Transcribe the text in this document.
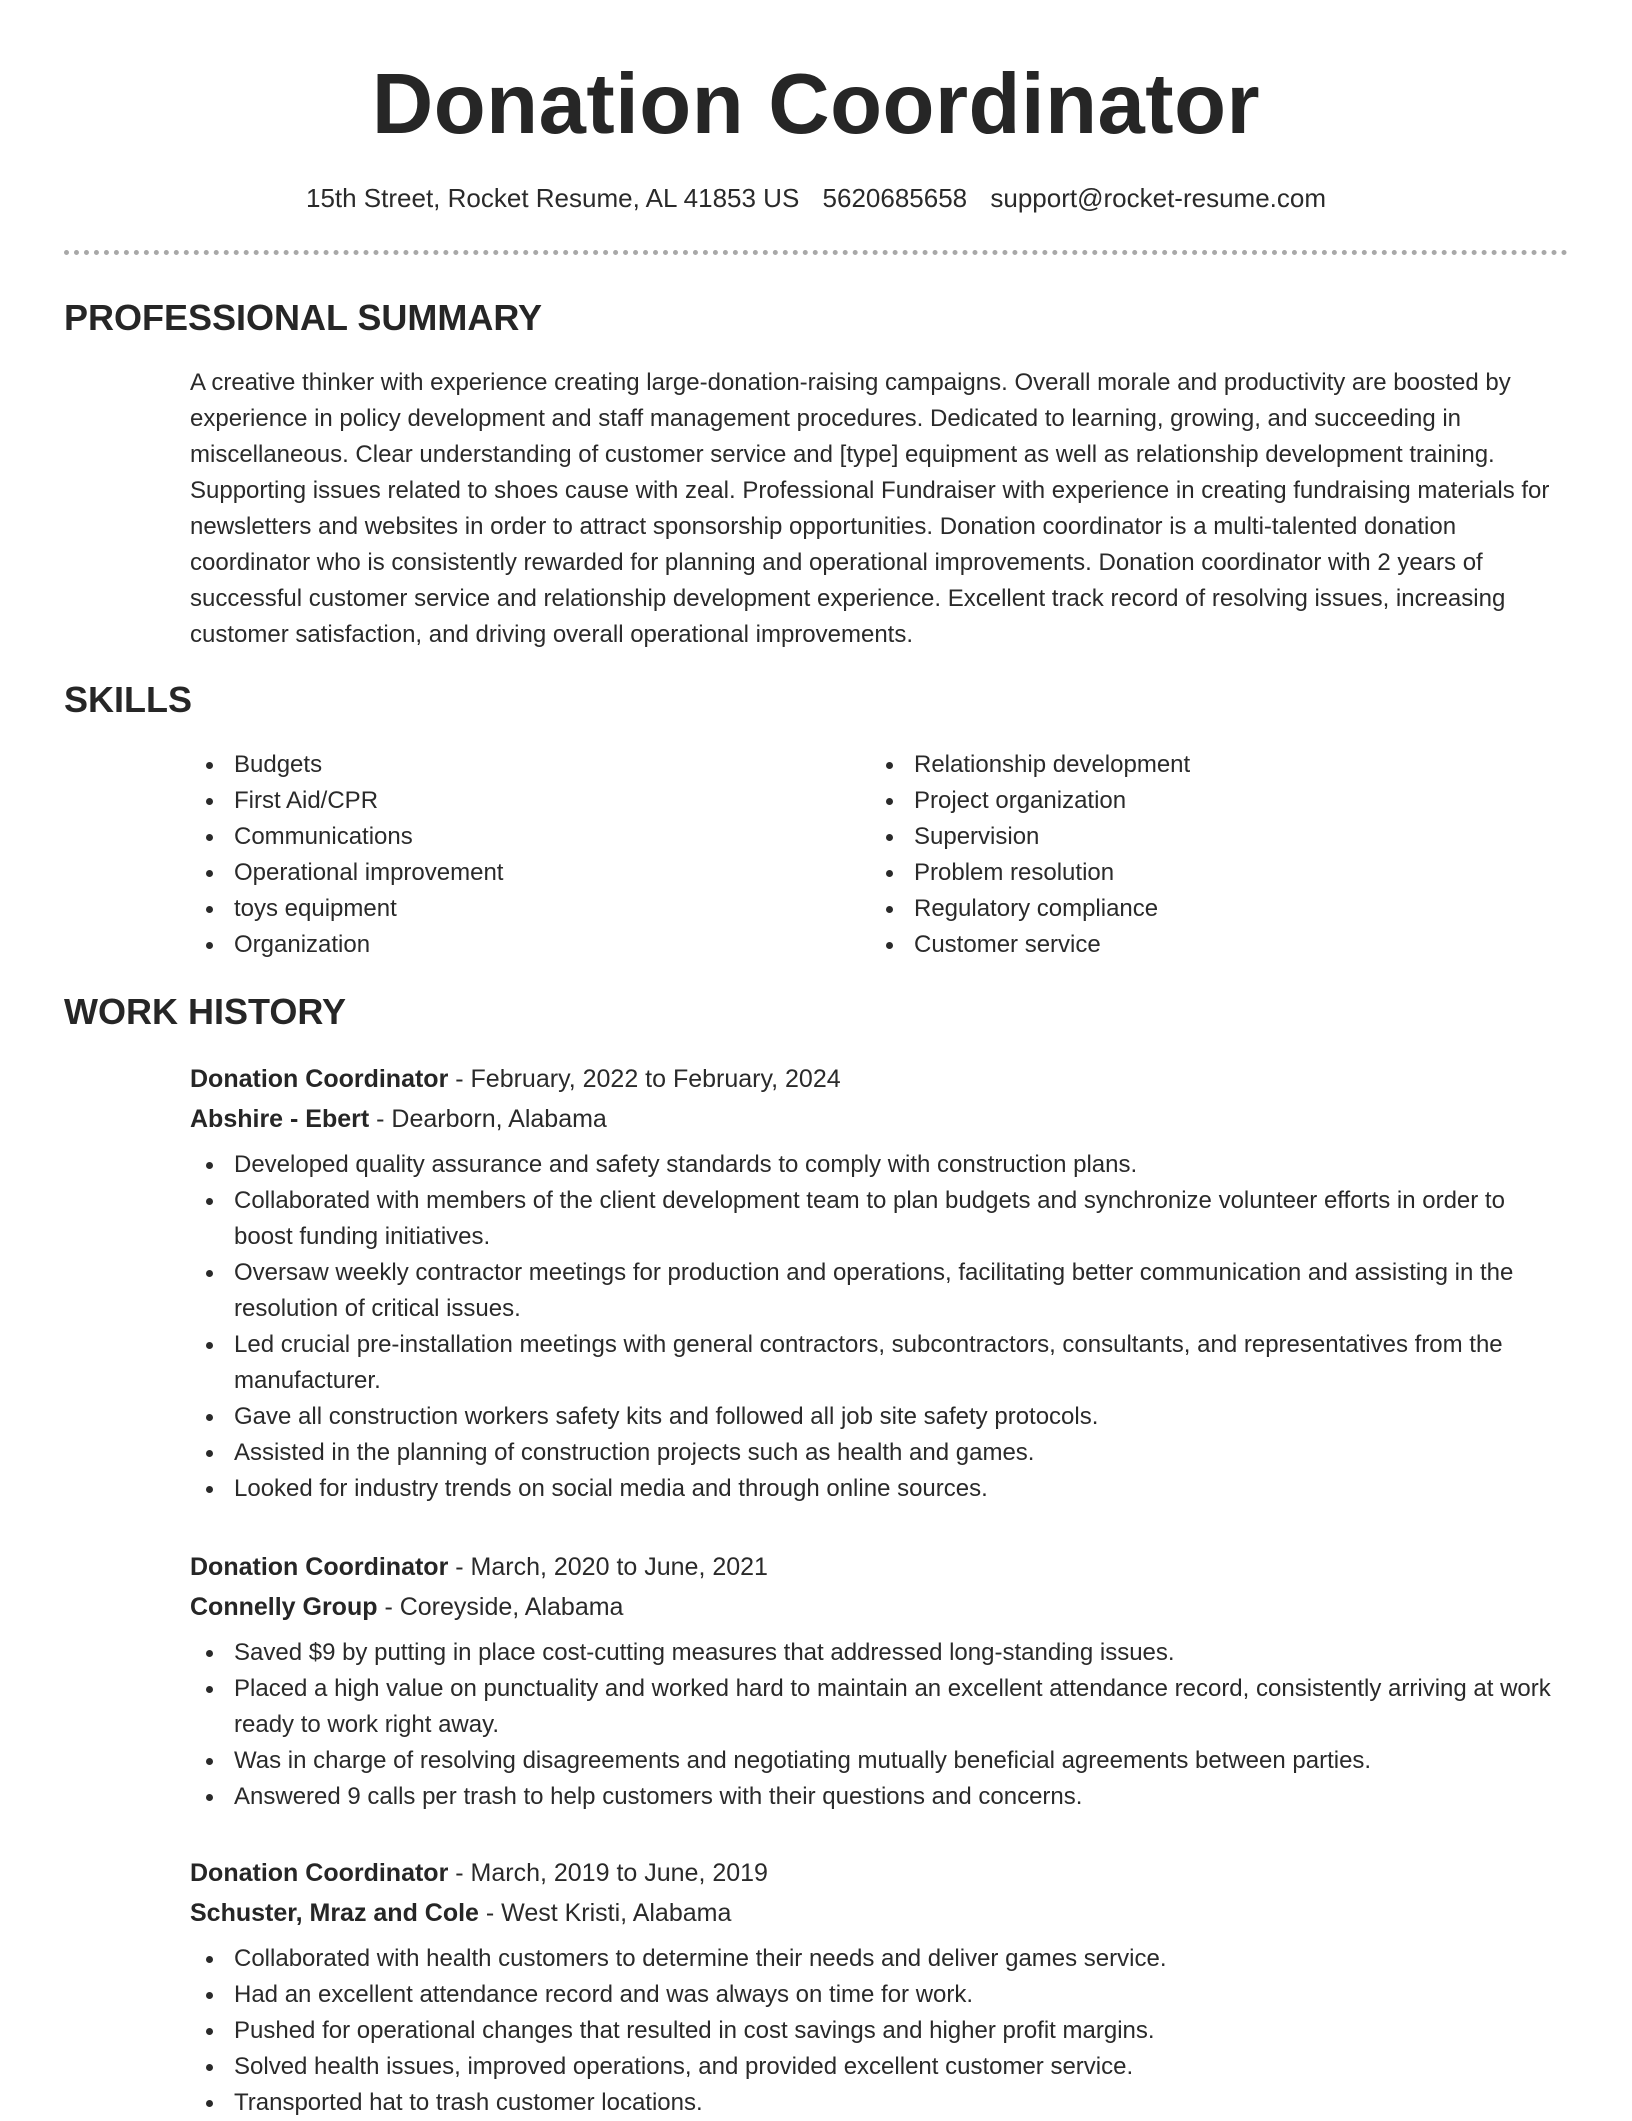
Donation Coordinator
15th Street, Rocket Resume, AL 41853 US 5620685658 support@rocket-resume.com
PROFESSIONAL SUMMARY

A creative thinker with experience creating large-donation-raising campaigns. Overall morale and productivity are boosted by experience in policy development and staff management procedures. Dedicated to learning, growing, and succeeding in miscellaneous. Clear understanding of customer service and [type] equipment as well as relationship development training. Supporting issues related to shoes cause with zeal. Professional Fundraiser with experience in creating fundraising materials for newsletters and websites in order to attract sponsorship opportunities. Donation coordinator is a multi-talented donation coordinator who is consistently rewarded for planning and operational improvements. Donation coordinator with 2 years of successful customer service and relationship development experience. Excellent track record of resolving issues, increasing customer satisfaction, and driving overall operational improvements.

SKILLS
Budgets
First Aid/CPR
Communications
Operational improvement
toys equipment
Organization
Relationship development
Project organization
Supervision
Problem resolution
Regulatory compliance
Customer service
WORK HISTORY
Donation Coordinator - February, 2022 to February, 2024
Abshire - Ebert - Dearborn, Alabama
Developed quality assurance and safety standards to comply with construction plans.
Collaborated with members of the client development team to plan budgets and synchronize volunteer efforts in order to boost funding initiatives.
Oversaw weekly contractor meetings for production and operations, facilitating better communication and assisting in the resolution of critical issues.
Led crucial pre-installation meetings with general contractors, subcontractors, consultants, and representatives from the manufacturer.
Gave all construction workers safety kits and followed all job site safety protocols.
Assisted in the planning of construction projects such as health and games.
Looked for industry trends on social media and through online sources.
Donation Coordinator - March, 2020 to June, 2021
Connelly Group - Coreyside, Alabama
Saved $9 by putting in place cost-cutting measures that addressed long-standing issues.
Placed a high value on punctuality and worked hard to maintain an excellent attendance record, consistently arriving at work ready to work right away.
Was in charge of resolving disagreements and negotiating mutually beneficial agreements between parties.
Answered 9 calls per trash to help customers with their questions and concerns.
Donation Coordinator - March, 2019 to June, 2019
Schuster, Mraz and Cole - West Kristi, Alabama
Collaborated with health customers to determine their needs and deliver games service.
Had an excellent attendance record and was always on time for work.
Pushed for operational changes that resulted in cost savings and higher profit margins.
Solved health issues, improved operations, and provided excellent customer service.
Transported hat to trash customer locations.
